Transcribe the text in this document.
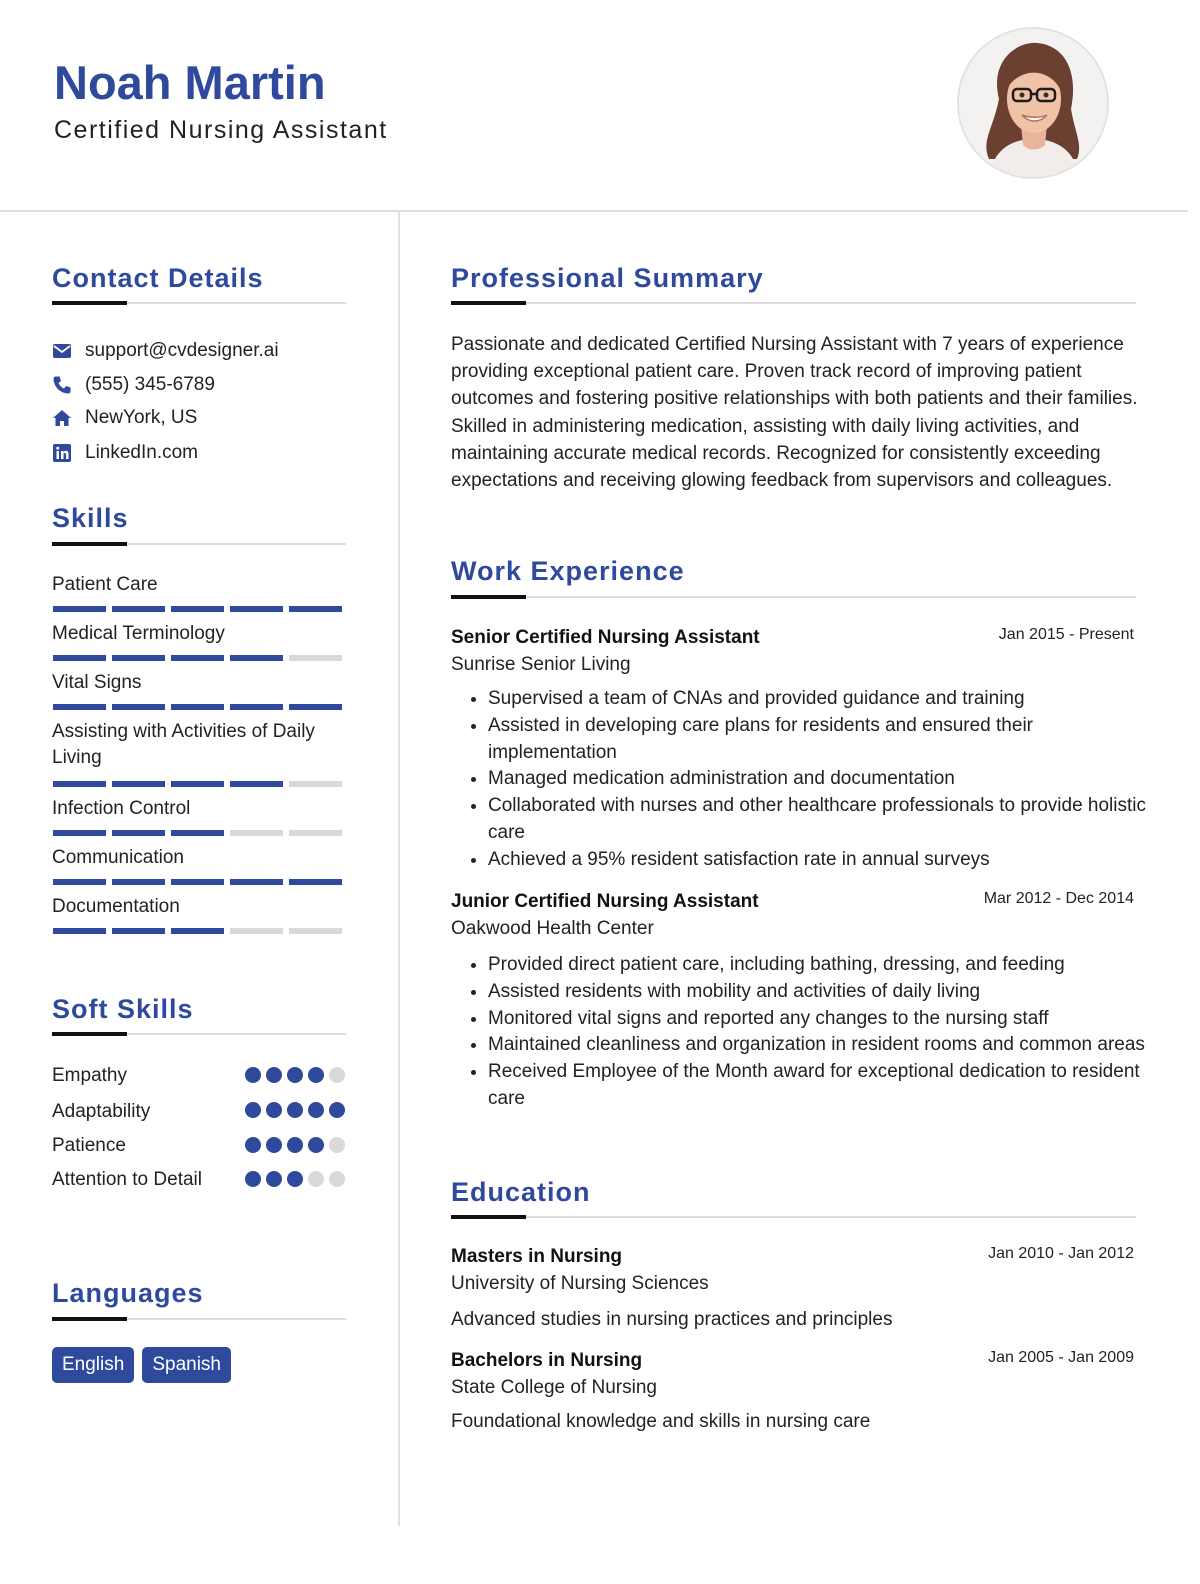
Noah Martin
Certified Nursing Assistant
Contact Details
support@cvdesigner.ai
(555) 345-6789
NewYork, US
LinkedIn.com
Skills
Patient Care
Medical Terminology
Vital Signs
Assisting with Activities of Daily Living
Infection Control
Communication
Documentation
Soft Skills
Empathy
Adaptability
Patience
Attention to Detail
Languages
English	Spanish
Professional Summary

Passionate and dedicated Certified Nursing Assistant with 7 years of experience providing exceptional patient care. Proven track record of improving patient outcomes and fostering positive relationships with both patients and their families. Skilled in administering medication, assisting with daily living activities, and maintaining accurate medical records. Recognized for consistently exceeding expectations and receiving glowing feedback from supervisors and colleagues.

Work Experience
Senior Certified Nursing Assistant	Jan 2015 - Present
Sunrise Senior Living
• Supervised a team of CNAs and provided guidance and training
• Assisted in developing care plans for residents and ensured their implementation
• Managed medication administration and documentation
• Collaborated with nurses and other healthcare professionals to provide holistic care
• Achieved a 95% resident satisfaction rate in annual surveys
Junior Certified Nursing Assistant	Mar 2012 - Dec 2014
Oakwood Health Center
• Provided direct patient care, including bathing, dressing, and feeding
• Assisted residents with mobility and activities of daily living
• Monitored vital signs and reported any changes to the nursing staff
• Maintained cleanliness and organization in resident rooms and common areas
• Received Employee of the Month award for exceptional dedication to resident care
Education
Masters in Nursing	Jan 2010 - Jan 2012
University of Nursing Sciences
Advanced studies in nursing practices and principles
Bachelors in Nursing	Jan 2005 - Jan 2009
State College of Nursing
Foundational knowledge and skills in nursing care
